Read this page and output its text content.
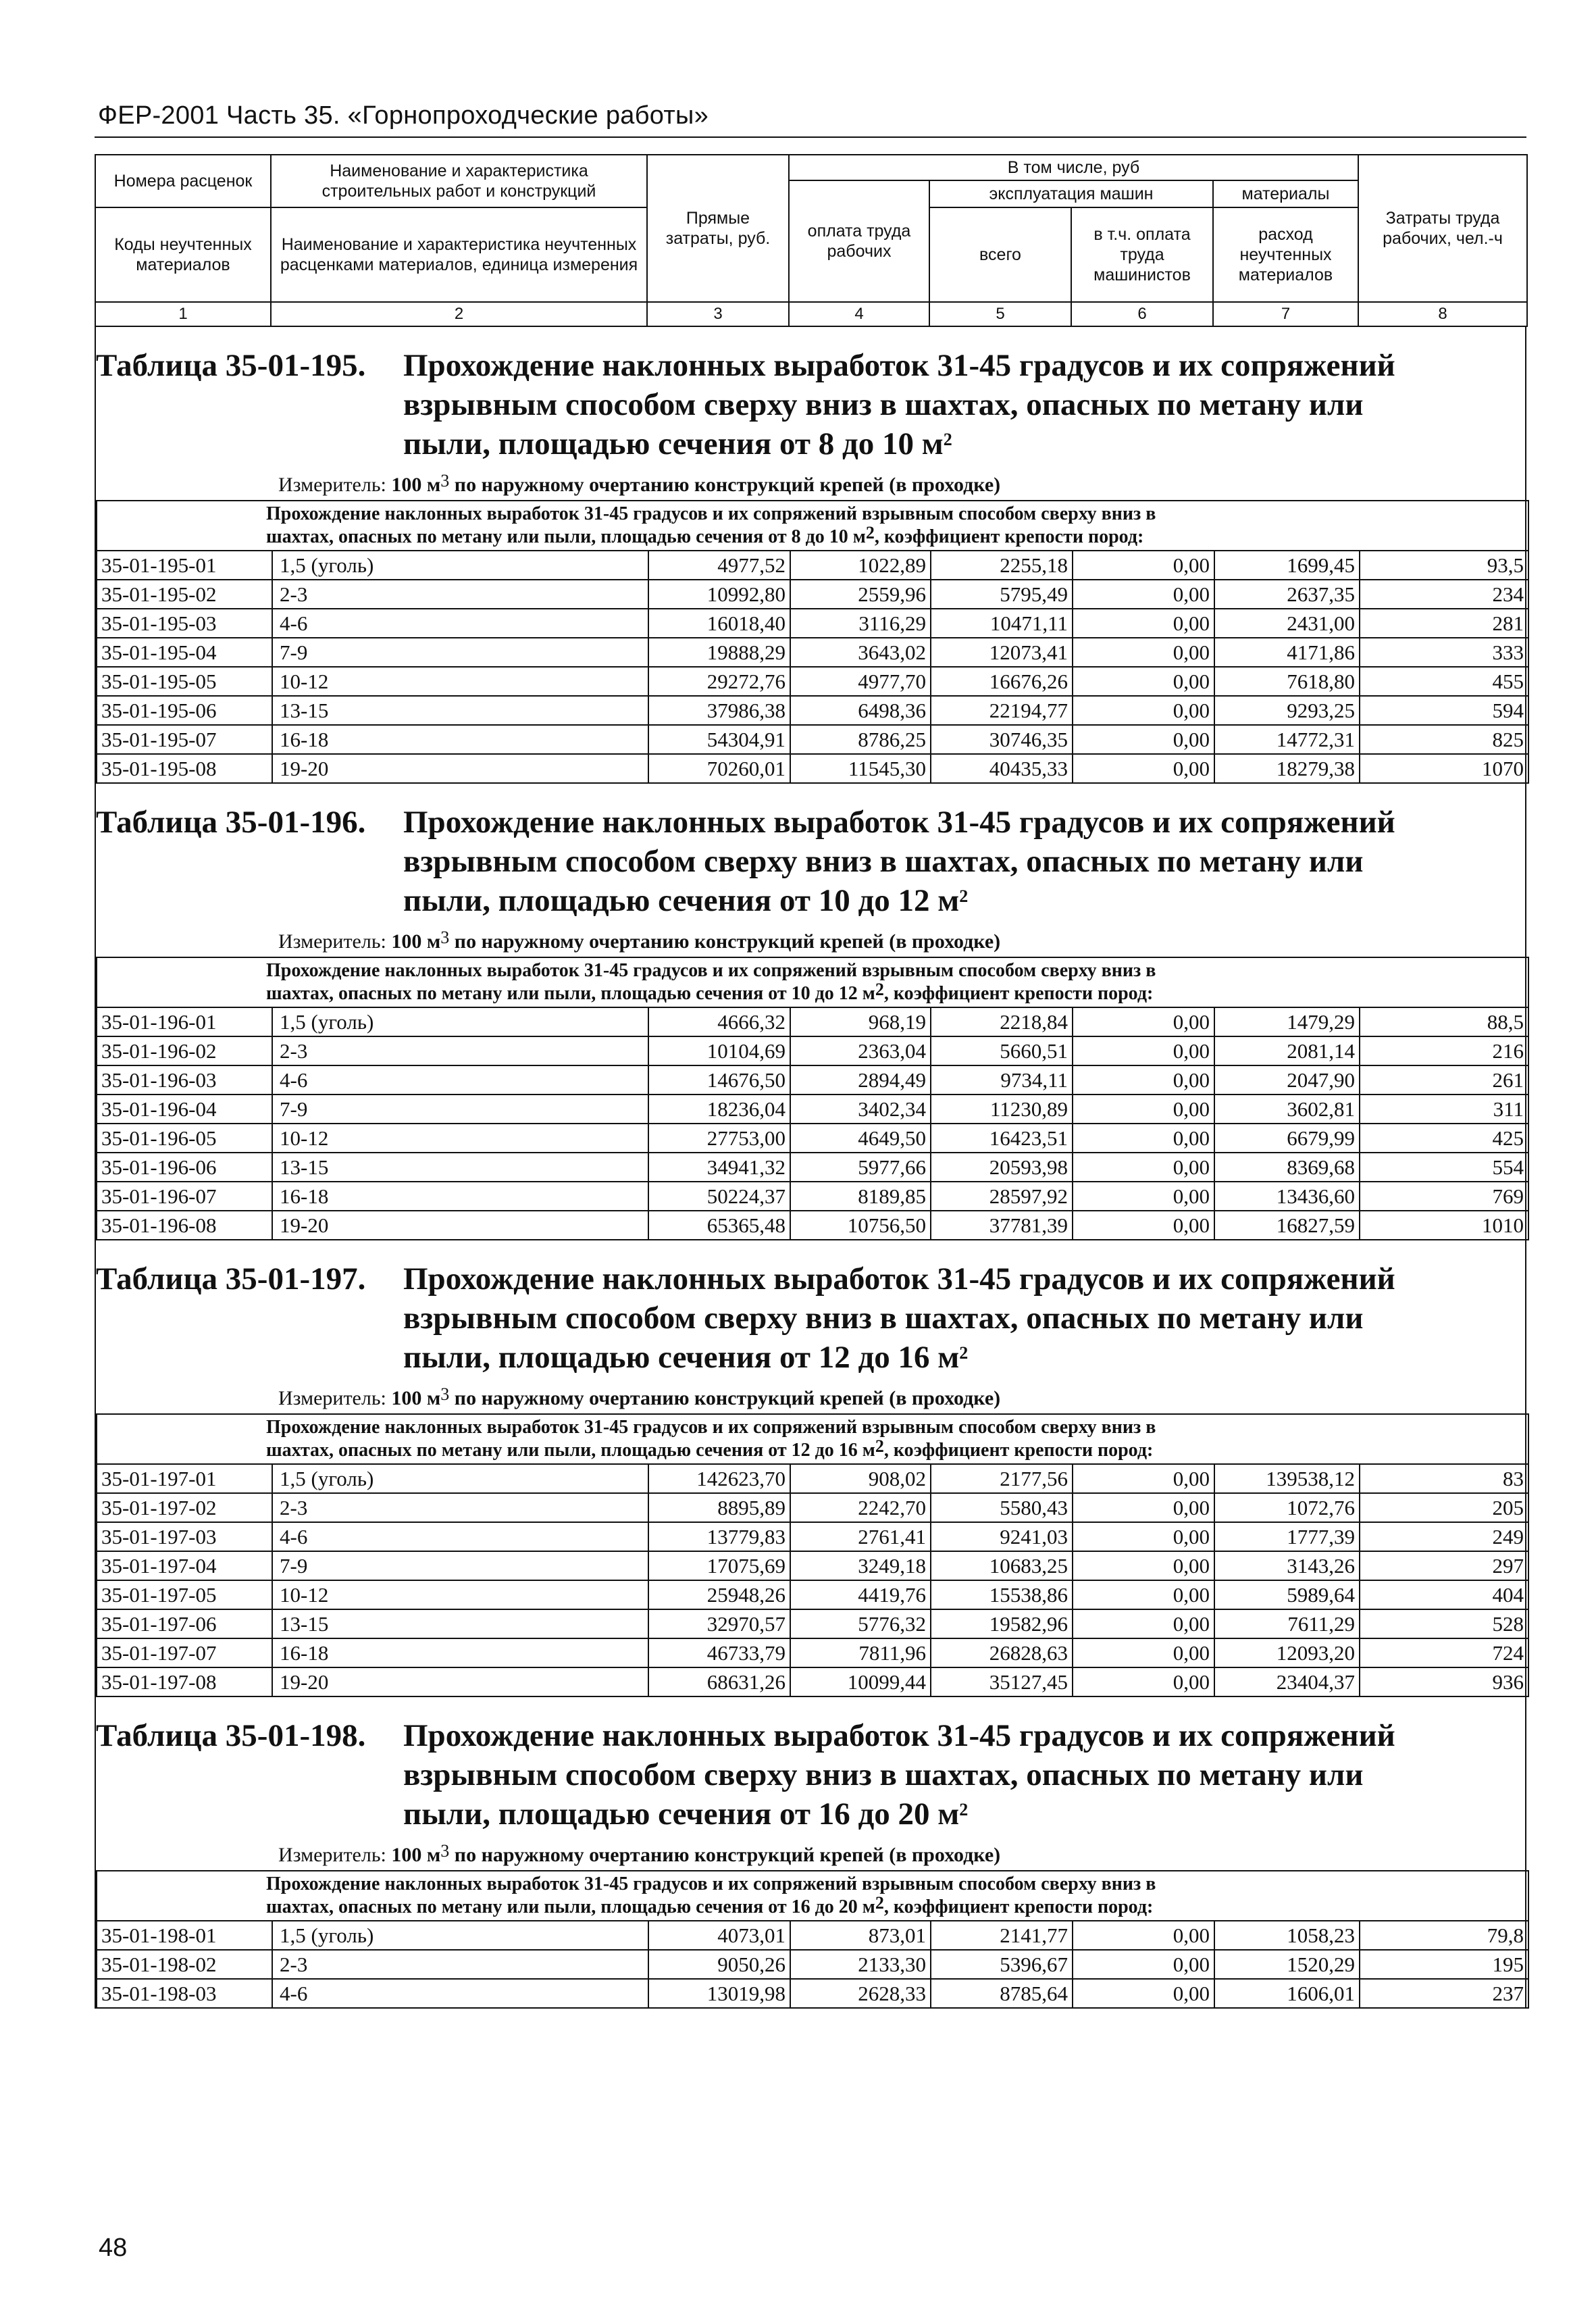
ФЕР-2001 Часть 35. «Горнопроходческие работы»
Номера расценок	Наименование и характеристика строительных работ и конструкций	Прямые затраты, руб.	В том числе, руб				Затраты труда рабочих, чел.-ч
			оплата труда рабочих	эксплуатация машин		материалы	
Коды неучтенных материалов	Наименование и характеристика неучтенных расценками материалов, единица измерения			всего	в т.ч. оплата труда машинистов	расход неучтенных материалов	

1	2	3	4	5	6	7	8
Таблица 35-01-195. Прохождение наклонных выработок 31-45 градусов и их сопряжений
взрывным способом сверху вниз в шахтах, опасных по метану или
пыли, площадью сечения от 8 до 10 $м^2$
Измеритель: 100 м3 по наружному очертанию конструкций крепей (в проходке)
Прохождение наклонных выработок 31-45 градусов и их сопряжений взрывным способом сверху вниз в
шахтах, опасных по метану или пыли, площадью сечения от 8 до 10 м2, коэффициент крепости пород:							
35-01-195-01	1,5 (уголь)	4977,52	1022,89	2255,18	0,00	1699,45	93,5
35-01-195-02	2-3	10992,80	2559,96	5795,49	0,00	2637,35	234
35-01-195-03	4-6	16018,40	3116,29	10471,11	0,00	2431,00	281
35-01-195-04	7-9	19888,29	3643,02	12073,41	0,00	4171,86	333
35-01-195-05	10-12	29272,76	4977,70	16676,26	0,00	7618,80	455
35-01-195-06	13-15	37986,38	6498,36	22194,77	0,00	9293,25	594
35-01-195-07	16-18	54304,91	8786,25	30746,35	0,00	14772,31	825
35-01-195-08	19-20	70260,01	11545,30	40435,33	0,00	18279,38	1070
Таблица 35-01-196. Прохождение наклонных выработок 31-45 градусов и их сопряжений
взрывным способом сверху вниз в шахтах, опасных по метану или
пыли, площадью сечения от 10 до 12 $м^2$
Измеритель: 100 м3 по наружному очертанию конструкций крепей (в проходке)
Прохождение наклонных выработок 31-45 градусов и их сопряжений взрывным способом сверху вниз в
шахтах, опасных по метану или пыли, площадью сечения от 10 до 12 м2, коэффициент крепости пород:							
35-01-196-01	1,5 (уголь)	4666,32	968,19	2218,84	0,00	1479,29	88,5
35-01-196-02	2-3	10104,69	2363,04	5660,51	0,00	2081,14	216
35-01-196-03	4-6	14676,50	2894,49	9734,11	0,00	2047,90	261
35-01-196-04	7-9	18236,04	3402,34	11230,89	0,00	3602,81	311
35-01-196-05	10-12	27753,00	4649,50	16423,51	0,00	6679,99	425
35-01-196-06	13-15	34941,32	5977,66	20593,98	0,00	8369,68	554
35-01-196-07	16-18	50224,37	8189,85	28597,92	0,00	13436,60	769
35-01-196-08	19-20	65365,48	10756,50	37781,39	0,00	16827,59	1010
Таблица 35-01-197. Прохождение наклонных выработок 31-45 градусов и их сопряжений
взрывным способом сверху вниз в шахтах, опасных по метану или
пыли, площадью сечения от 12 до 16 $м^2$
Измеритель: 100 м3 по наружному очертанию конструкций крепей (в проходке)
Прохождение наклонных выработок 31-45 градусов и их сопряжений взрывным способом сверху вниз в
шахтах, опасных по метану или пыли, площадью сечения от 12 до 16 м2, коэффициент крепости пород:							
35-01-197-01	1,5 (уголь)	142623,70	908,02	2177,56	0,00	139538,12	83
35-01-197-02	2-3	8895,89	2242,70	5580,43	0,00	1072,76	205
35-01-197-03	4-6	13779,83	2761,41	9241,03	0,00	1777,39	249
35-01-197-04	7-9	17075,69	3249,18	10683,25	0,00	3143,26	297
35-01-197-05	10-12	25948,26	4419,76	15538,86	0,00	5989,64	404
35-01-197-06	13-15	32970,57	5776,32	19582,96	0,00	7611,29	528
35-01-197-07	16-18	46733,79	7811,96	26828,63	0,00	12093,20	724
35-01-197-08	19-20	68631,26	10099,44	35127,45	0,00	23404,37	936
Таблица 35-01-198. Прохождение наклонных выработок 31-45 градусов и их сопряжений
взрывным способом сверху вниз в шахтах, опасных по метану или
пыли, площадью сечения от 16 до 20 $м^2$
Измеритель: 100 м3 по наружному очертанию конструкций крепей (в проходке)
Прохождение наклонных выработок 31-45 градусов и их сопряжений взрывным способом сверху вниз в
шахтах, опасных по метану или пыли, площадью сечения от 16 до 20 м2, коэффициент крепости пород:							
35-01-198-01	1,5 (уголь)	4073,01	873,01	2141,77	0,00	1058,23	79,8
35-01-198-02	2-3	9050,26	2133,30	5396,67	0,00	1520,29	195
35-01-198-03	4-6	13019,98	2628,33	8785,64	0,00	1606,01	237
48
